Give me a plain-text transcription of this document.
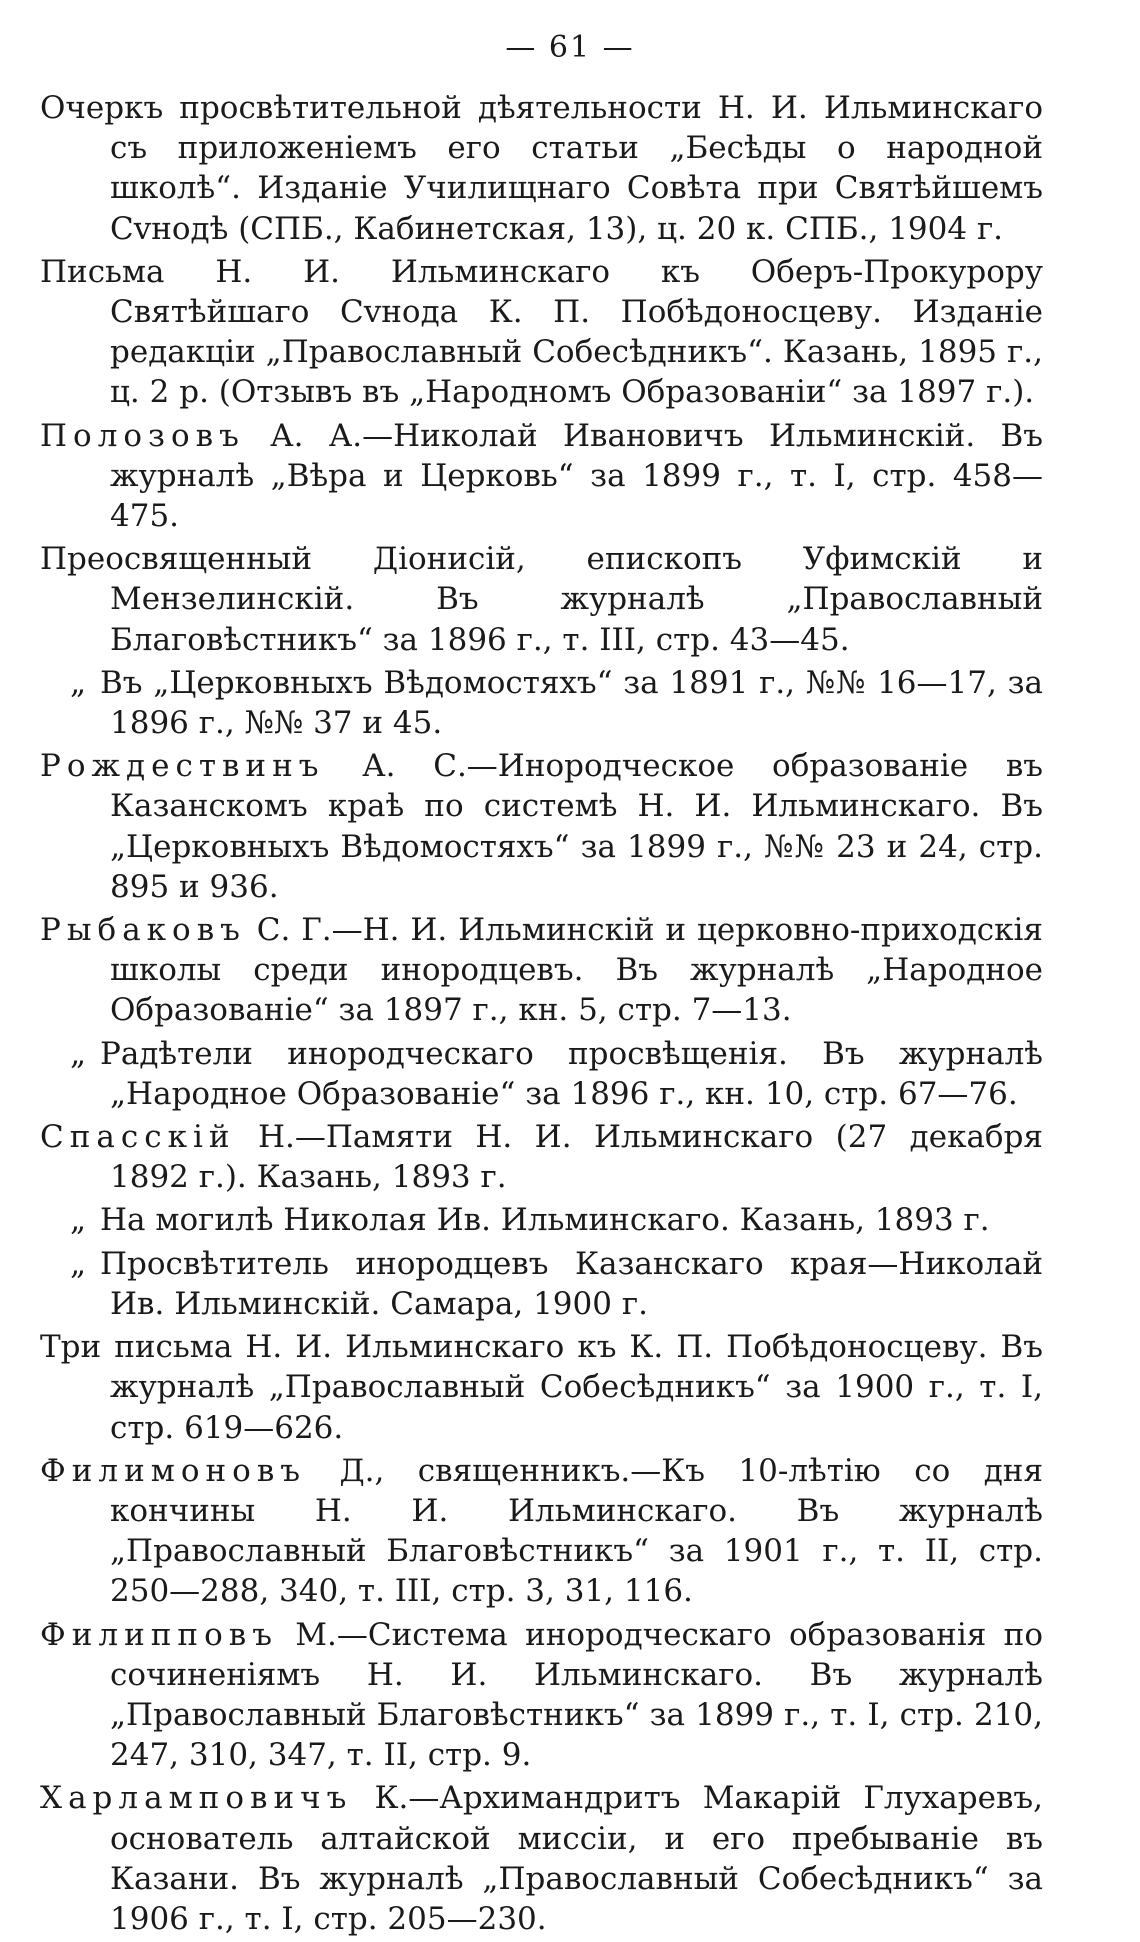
— 61 —

Очеркъ просвѣтительной дѣятельности Н. И. Ильминскаго съ приложеніемъ его статьи „Бесѣды о народной школѣ“. Изданіе Училищнаго Совѣта при Святѣйшемъ Сvнодѣ (СПБ., Кабинетская, 13), ц. 20 к. СПБ., 1904 г.

Письма Н. И. Ильминскаго къ Оберъ-Прокурору Святѣйшаго Сvнода К. П. Побѣдоносцеву. Изданіе редакціи „Православный Собесѣдникъ“. Казань, 1895 г., ц. 2 р. (Отзывъ въ „Народномъ Образованіи“ за 1897 г.).

Полозовъ А. А.—Николай Ивановичъ Ильминскій. Въ журналѣ „Вѣра и Церковь“ за 1899 г., т. I, стр. 458—475.

Преосвященный Діонисій, епископъ Уфимскій и Мензелинскій. Въ журналѣ „Православный Благовѣстникъ“ за 1896 г., т. III, стр. 43—45.

„ Въ „Церковныхъ Вѣдомостяхъ“ за 1891 г., №№ 16—17, за 1896 г., №№ 37 и 45.

Рождествинъ А. С.—Инородческое образованіе въ Казанскомъ краѣ по системѣ Н. И. Ильминскаго. Въ „Церковныхъ Вѣдомостяхъ“ за 1899 г., №№ 23 и 24, стр. 895 и 936.

Рыбаковъ С. Г.—Н. И. Ильминскій и церковно-приходскія школы среди инородцевъ. Въ журналѣ „Народное Образованіе“ за 1897 г., кн. 5, стр. 7—13.

„ Радѣтели инородческаго просвѣщенія. Въ журналѣ „Народное Образованіе“ за 1896 г., кн. 10, стр. 67—76.

Спасскій Н.—Памяти Н. И. Ильминскаго (27 декабря 1892 г.). Казань, 1893 г.

„ На могилѣ Николая Ив. Ильминскаго. Казань, 1893 г.

„ Просвѣтитель инородцевъ Казанскаго края—Николай Ив. Ильминскій. Самара, 1900 г.

Три письма Н. И. Ильминскаго къ К. П. Побѣдоносцеву. Въ журналѣ „Православный Собесѣдникъ“ за 1900 г., т. I, стр. 619—626.

Филимоновъ Д., священникъ.—Къ 10-лѣтію со дня кончины Н. И. Ильминскаго. Въ журналѣ „Православный Благовѣстникъ“ за 1901 г., т. II, стр. 250—288, 340, т. III, стр. 3, 31, 116.

Филипповъ М.—Система инородческаго образованія по сочиненіямъ Н. И. Ильминскаго. Въ журналѣ „Православный Благовѣстникъ“ за 1899 г., т. I, стр. 210, 247, 310, 347, т. II, стр. 9.

Харламповичъ К.—Архимандритъ Макарій Глухаревъ, основатель алтайской миссіи, и его пребываніе въ Казани. Въ журналѣ „Православный Собесѣдникъ“ за 1906 г., т. I, стр. 205—230.
